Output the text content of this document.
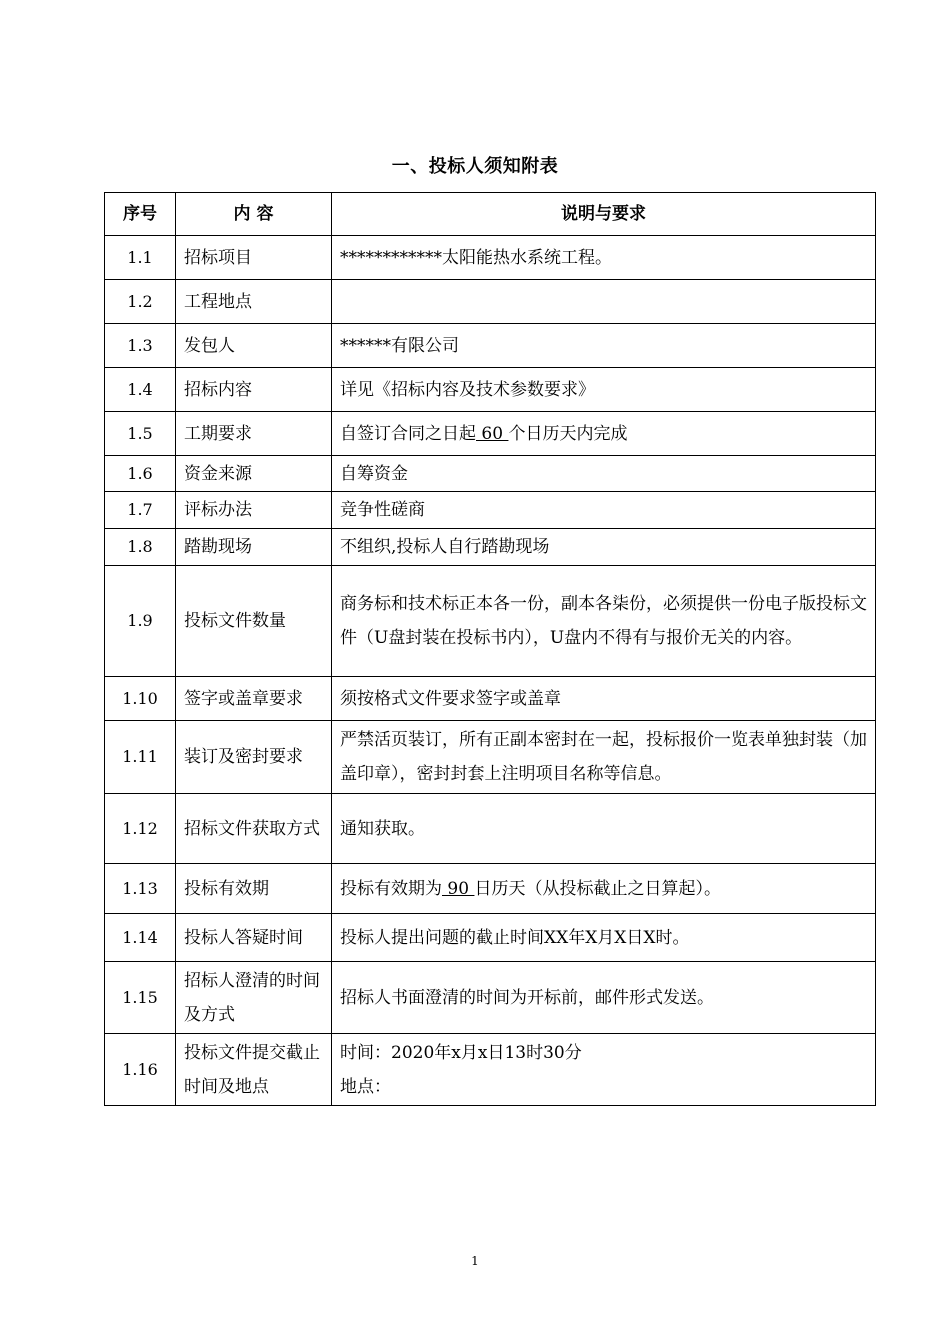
一、投标人须知附表
序号	内 容	说明与要求
1.1	招标项目	************太阳能热水系统工程。
1.2	工程地点	
1.3	发包人	******有限公司
1.4	招标内容	详见《招标内容及技术参数要求》
1.5	工期要求	自签订合同之日起 60 个日历天内完成
1.6	资金来源	自筹资金
1.7	评标办法	竞争性磋商
1.8	踏勘现场	不组织,投标人自行踏勘现场
1.9	投标文件数量	商务标和技术标正本各一份，副本各柒份，必须提供一份电子版投标文件（U盘封装在投标书内），U盘内不得有与报价无关的内容。
1.10	签字或盖章要求	须按格式文件要求签字或盖章
1.11	装订及密封要求	严禁活页装订，所有正副本密封在一起，投标报价一览表单独封装（加盖印章），密封封套上注明项目名称等信息。
1.12	招标文件获取方式	通知获取。
1.13	投标有效期	投标有效期为 90 日历天（从投标截止之日算起）。
1.14	投标人答疑时间	投标人提出问题的截止时间XX年X月X日X时。
1.15	招标人澄清的时间及方式	招标人书面澄清的时间为开标前，邮件形式发送。
1.16	投标文件提交截止时间及地点	时间：2020年x月x日13时30分
地点：
1
